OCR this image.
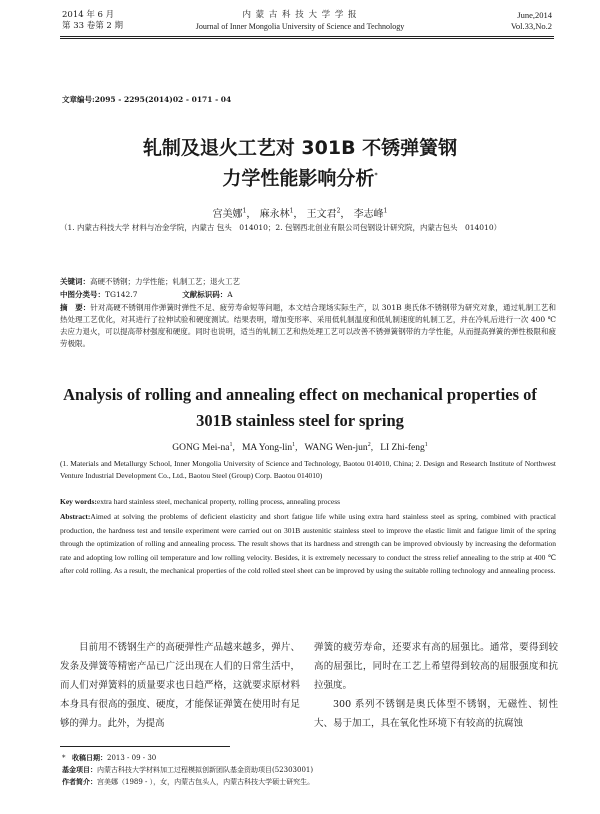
2014 年 6 月
第 33 卷第 2 期
内 蒙 古 科 技 大 学 学 报
Journal of Inner Mongolia University of Science and Technology
June,2014
Vol.33,No.2
文章编号:2095 - 2295(2014)02 - 0171 - 04
轧制及退火工艺对 301B 不锈弹簧钢
力学性能影响分析*
宫美娜$^1$， 麻永林$^1$， 王文君$^2$， 李志峰$^1$
（1. 内蒙古科技大学 材料与冶金学院，内蒙古 包头　014010；2. 包钢西北创业有限公司包钢设计研究院，内蒙古包头　014010）
关键词：高硬不锈钢；力学性能；轧制工艺；退火工艺
中图分类号：TG142.7	文献标识码：A
摘　要：针对高硬不锈钢用作弹簧时弹性不足、疲劳寿命短等问题，本文结合现场实际生产，以 301B 奥氏体不锈钢带为研究对象，通过轧制工艺和热处理工艺优化，对其进行了拉伸试验和硬度测试。结果表明，增加变形率、采用低轧制温度和低轧制速度的轧制工艺，并在冷轧后进行一次 400 ℃ 去应力退火，可以提高带材强度和硬度。同时也说明，适当的轧制工艺和热处理工艺可以改善不锈弹簧钢带的力学性能，从而提高弹簧的弹性极限和疲劳极限。
Analysis of rolling and annealing effect on mechanical properties of
301B stainless steel for spring
GONG Mei-$na^1$,   MA Yong-lin$^1$,   WANG Wen-jun$^2$,   LI Zhi-feng$^1$
(1. Materials and Metallurgy School, Inner Mongolia University of Science and Technology, Baotou 014010, China; 2. Design and Research Institute of Northwest Venture Industrial Development Co., Ltd., Baotou Steel (Group) Corp. Baotou 014010)
Key words:extra hard stainless steel, mechanical property, rolling process, annealing process
Abstract:Aimed at solving the problems of deficient elasticity and short fatigue life while using extra hard stainless steel as spring, combined with practical production, the hardness test and tensile experiment were carried out on 301B austenitic stainless steel to improve the elastic limit and fatigue limit of the spring through the optimization of rolling and annealing process. The result shows that its hardness and strength can be improved obviously by increasing the deformation rate and adopting low rolling oil temperature and low rolling velocity. Besides, it is extremely necessary to conduct the stress relief annealing to the strip at 400 ℃ after cold rolling. As a result, the mechanical properties of the cold rolled steel sheet can be improved by using the suitable rolling technology and annealing process.
目前用不锈钢生产的高硬弹性产品越来越多，弹片、发条及弹簧等精密产品已广泛出现在人们的日常生活中，而人们对弹簧料的质量要求也日趋严格，这就要求原材料本身具有很高的强度、硬度，才能保证弹簧在使用时有足够的弹力。此外，为提高
弹簧的疲劳寿命，还要求有高的屈强比。通常，要得到较高的屈强比，同时在工艺上希望得到较高的屈服强度和抗拉强度。
300 系列不锈钢是奥氏体型不锈钢，无磁性、韧性大、易于加工，具在氧化性环境下有较高的抗腐蚀
* 收稿日期：2013 - 09 - 30
基金项目：内蒙古科技大学材料加工过程模拟创新团队基金资助项目(52303001)
作者简介：宫美娜（1989 - ），女，内蒙古包头人，内蒙古科技大学硕士研究生。
